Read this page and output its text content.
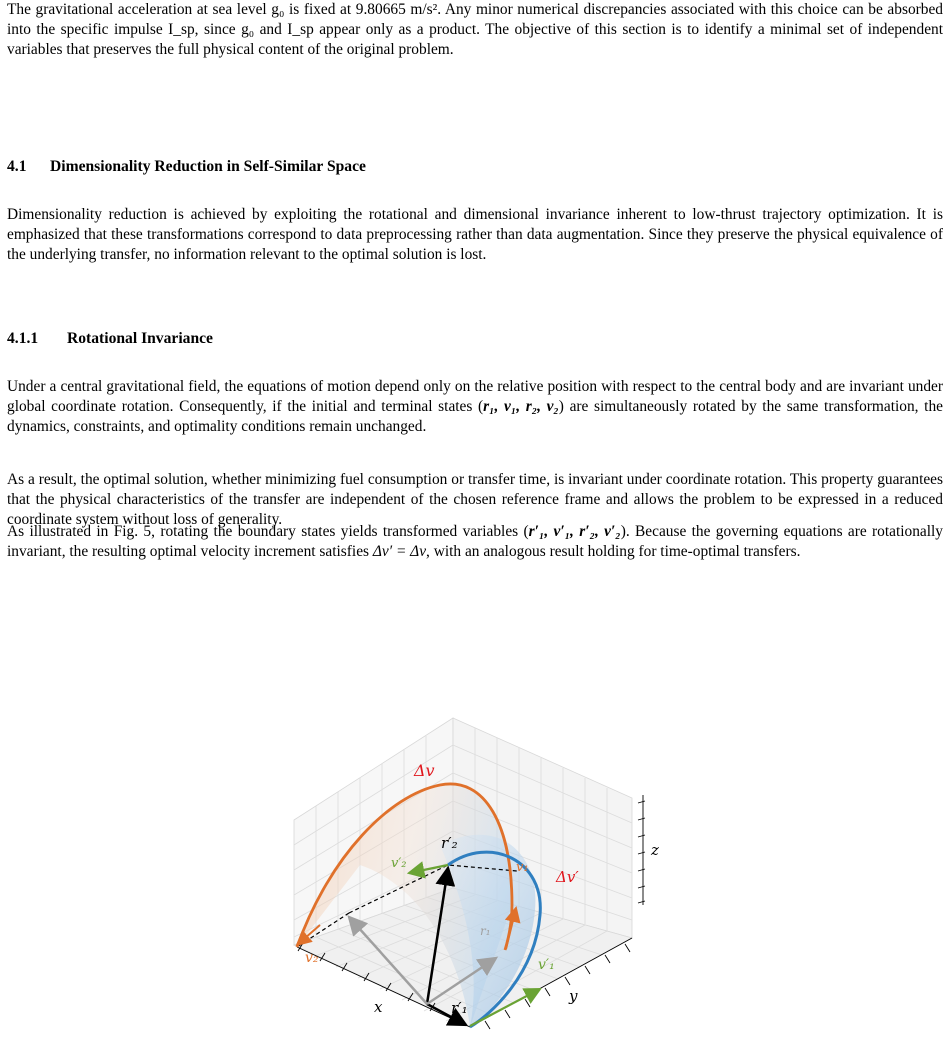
The gravitational acceleration at sea level g₀ is fixed at 9.80665 m/s². Any minor numerical discrepancies associated with this choice can be absorbed into the specific impulse I_sp, since g₀ and I_sp appear only as a product. The objective of this section is to identify a minimal set of independent variables that preserves the full physical content of the original problem.

4.1 Dimensionality Reduction in Self-Similar Space

Dimensionality reduction is achieved by exploiting the rotational and dimensional invariance inherent to low-thrust trajectory optimization. It is emphasized that these transformations correspond to data preprocessing rather than data augmentation. Since they preserve the physical equivalence of the underlying transfer, no information relevant to the optimal solution is lost.

4.1.1 Rotational Invariance

Under a central gravitational field, the equations of motion depend only on the relative position with respect to the central body and are invariant under global coordinate rotation. Consequently, if the initial and terminal states (r₁, v₁, r₂, v₂) are simultaneously rotated by the same transformation, the dynamics, constraints, and optimality conditions remain unchanged.

As a result, the optimal solution, whether minimizing fuel consumption or transfer time, is invariant under coordinate rotation. This property guarantees that the physical characteristics of the transfer are independent of the chosen reference frame and allows the problem to be expressed in a reduced coordinate system without loss of generality.

As illustrated in Fig. 5, rotating the boundary states yields transformed variables (r′₁, v′₁, r′₂, v′₂). Because the governing equations are rotationally invariant, the resulting optimal velocity increment satisfies Δv′ = Δv, with an analogous result holding for time-optimal transfers.

Δv
Δv′
r′₂
v′₂	v₁
v′₁
r₁
r′₁
v₂
x
y
z
